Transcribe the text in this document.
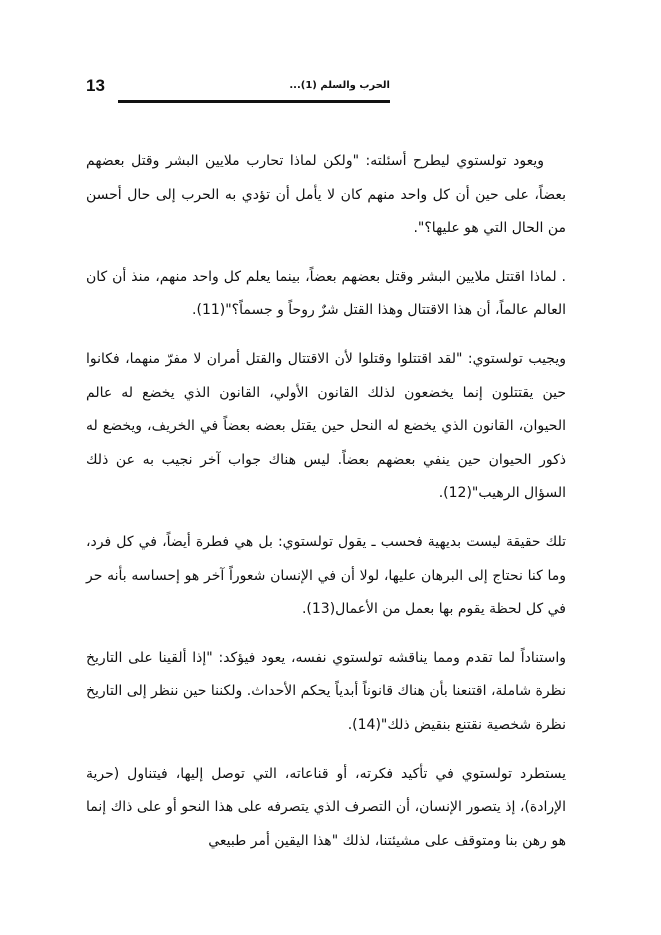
13	الحرب والسلم (1)...

ويعود تولستوي ليطرح أسئلته: "ولكن لماذا تحارب ملايين البشر وقتل بعضهم بعضاً، على حين أن كل واحد منهم كان لا يأمل أن تؤدي به الحرب إلى حال أحسن من الحال التي هو عليها؟".

. لماذا اقتتل ملايين البشر وقتل بعضهم بعضاً، بينما يعلم كل واحد منهم، منذ أن كان العالم عالماً، أن هذا الاقتتال وهذا القتل شرٌ روحاً و جسماً؟"(11).

ويجيب تولستوي: "لقد اقتتلوا وقتلوا لأن الاقتتال والقتل أمران لا مفرّ منهما، فكانوا حين يقتتلون إنما يخضعون لذلك القانون الأولي، القانون الذي يخضع له عالم الحيوان، القانون الذي يخضع له النحل حين يقتل بعضه بعضاً في الخريف، ويخضع له ذكور الحيوان حين ينفي بعضهم بعضاً. ليس هناك جواب آخر نجيب به عن ذلك السؤال الرهيب"(12).

تلك حقيقة ليست بديهية فحسب ـ يقول تولستوي: بل هي فطرة أيضاً، في كل فرد، وما كنا نحتاج إلى البرهان عليها، لولا أن في الإنسان شعوراً آخر هو إحساسه بأنه حر في كل لحظة يقوم بها بعمل من الأعمال(13).

واستناداً لما تقدم ومما يناقشه تولستوي نفسه، يعود فيؤكد: "إذا ألقينا على التاريخ نظرة شاملة، اقتنعنا بأن هناك قانوناً أبدياً يحكم الأحداث. ولكننا حين ننظر إلى التاريخ نظرة شخصية نقتنع بنقيض ذلك"(14).

يستطرد تولستوي في تأكيد فكرته، أو قناعاته، التي توصل إليها، فيتناول (حرية الإرادة)، إذ يتصور الإنسان، أن التصرف الذي يتصرفه على هذا النحو أو على ذاك إنما هو رهن بنا ومتوقف على مشيئتنا، لذلك "هذا اليقين أمر طبيعي
